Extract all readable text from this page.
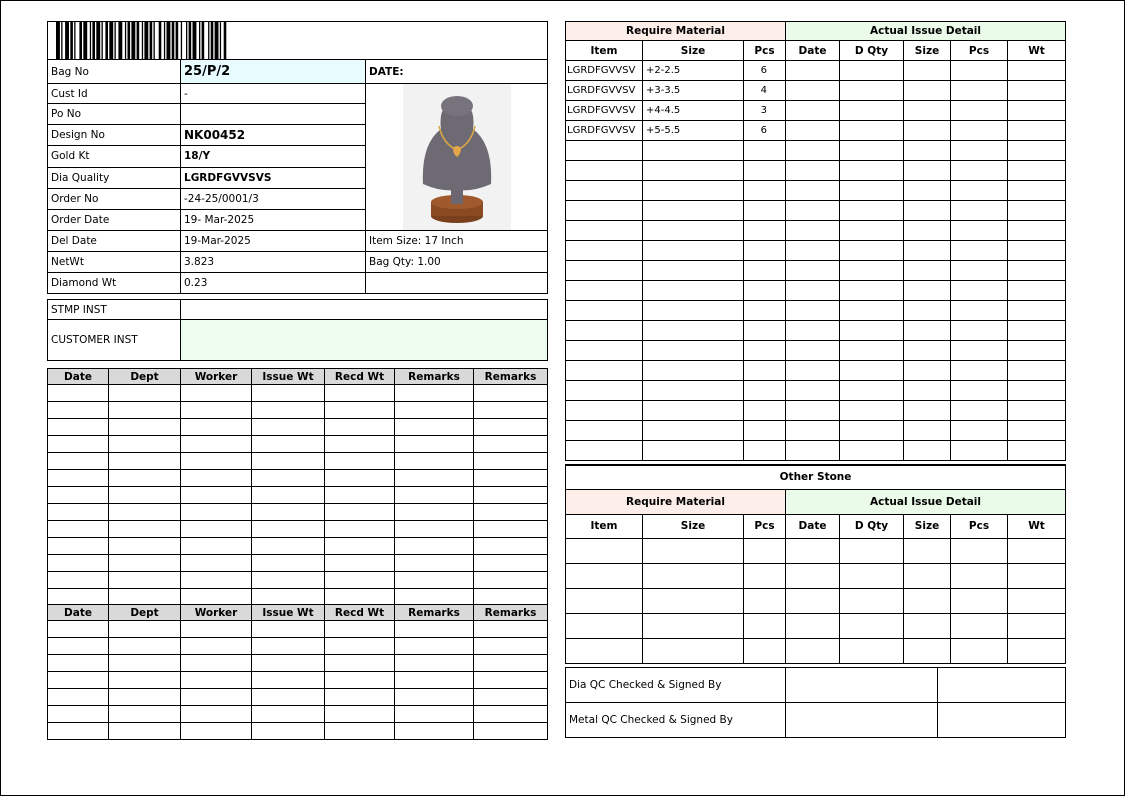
Bag No	25/P/2	DATE:
Cust Id	-	

Po No		
Design No	NK00452	
Gold Kt	18/Y	
Dia Quality	LGRDFGVVSVS	
Order No	-24-25/0001/3	
Order Date	19- Mar-2025	
Del Date	19-Mar-2025	Item Size: 17 Inch
NetWt	3.823	Bag Qty: 1.00
Diamond Wt	0.23	
STMP INST	
CUSTOMER INST	
Date	Dept	Worker	Issue Wt	Recd Wt	Remarks	Remarks

Date	Dept	Worker	Issue Wt	Recd Wt	Remarks	Remarks

Require Material			Actual Issue Detail				
Item	Size	Pcs	Date	D Qty	Size	Pcs	Wt
LGRDFGVVSV	+2-2.5	6					
LGRDFGVVSV	+3-3.5	4					
LGRDFGVVSV	+4-4.5	3					
LGRDFGVVSV	+5-5.5	6					

Other Stone							
Require Material			Actual Issue Detail				
Item	Size	Pcs	Date	D Qty	Size	Pcs	Wt

Dia QC Checked & Signed By		
Metal QC Checked & Signed By		
